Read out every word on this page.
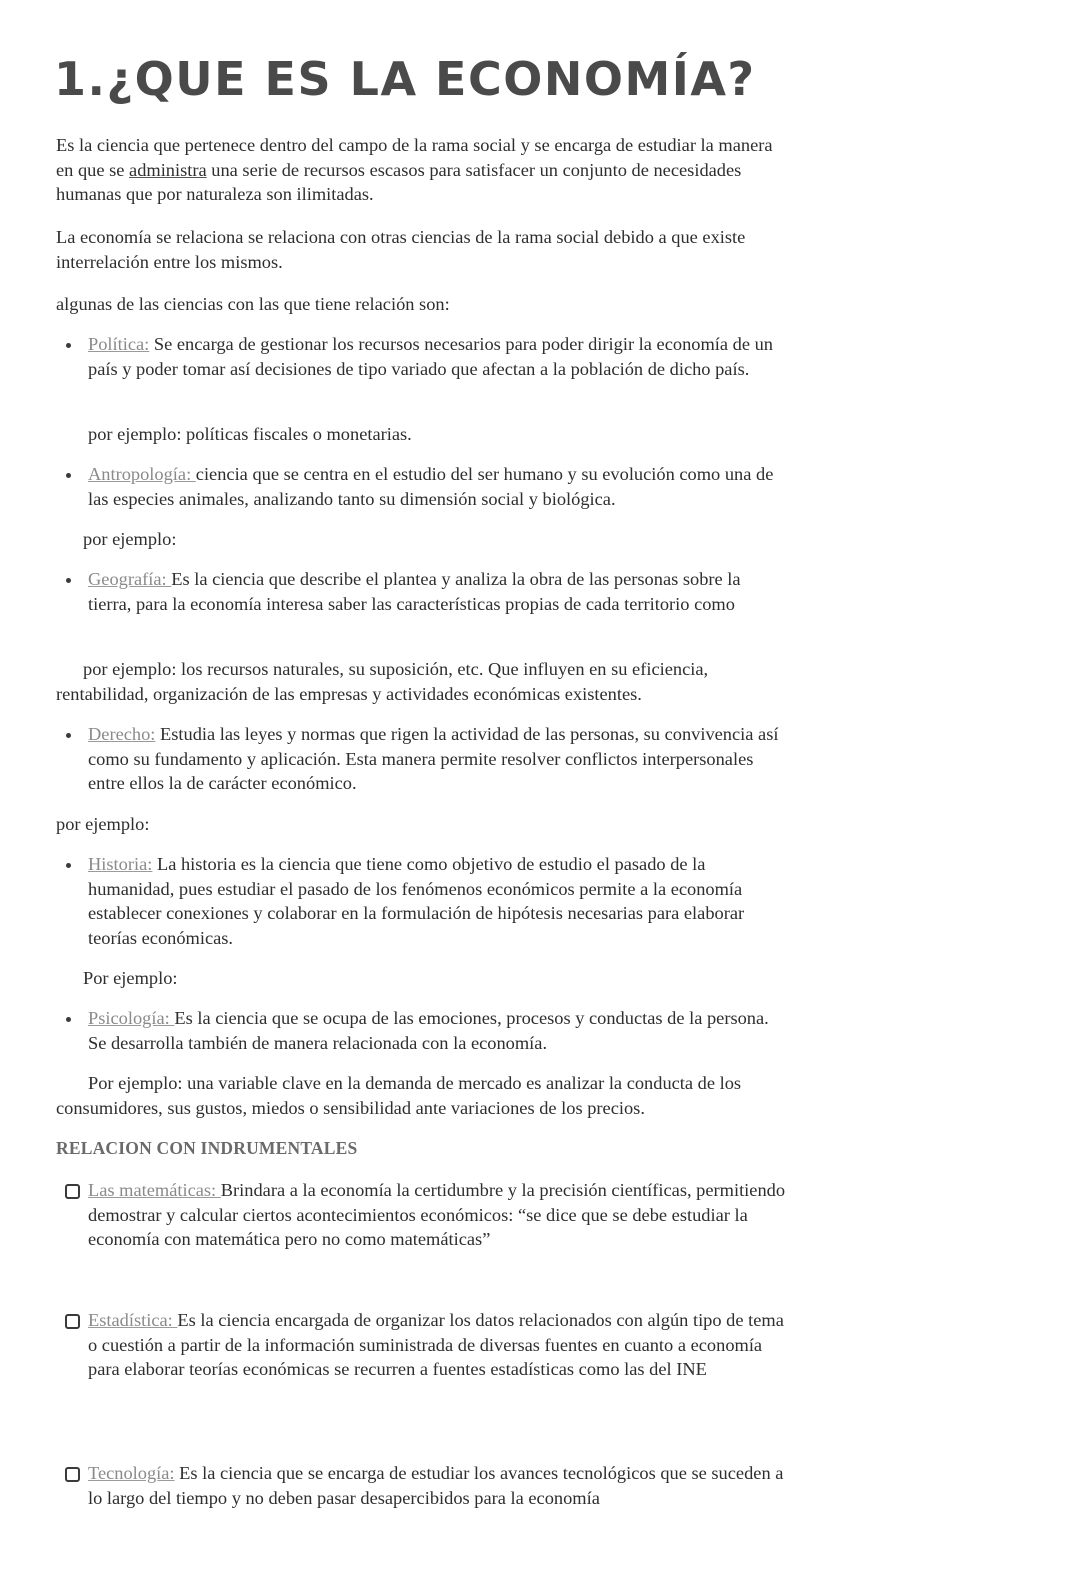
1.¿QUE ES LA ECONOMÍA?

Es la ciencia que pertenece dentro del campo de la rama social y se encarga de estudiar la manera en que se administra una serie de recursos escasos para satisfacer un conjunto de necesidades humanas que por naturaleza son ilimitadas.

La economía se relaciona se relaciona con otras ciencias de la rama social debido a que existe interrelación entre los mismos.

algunas de las ciencias con las que tiene relación son:

Política: Se encarga de gestionar los recursos necesarios para poder dirigir la economía de un país y poder tomar así decisiones de tipo variado que afectan a la población de dicho país.

por ejemplo: políticas fiscales o monetarias.

Antropología: ciencia que se centra en el estudio del ser humano y su evolución como una de las especies animales, analizando tanto su dimensión social y biológica.

por ejemplo:

Geografía: Es la ciencia que describe el plantea y analiza la obra de las personas sobre la tierra, para la economía interesa saber las características propias de cada territorio como

por ejemplo: los recursos naturales, su suposición, etc. Que influyen en su eficiencia, rentabilidad, organización de las empresas y actividades económicas existentes.

Derecho: Estudia las leyes y normas que rigen la actividad de las personas, su convivencia así como su fundamento y aplicación. Esta manera permite resolver conflictos interpersonales entre ellos la de carácter económico.

por ejemplo:

Historia: La historia es la ciencia que tiene como objetivo de estudio el pasado de la humanidad, pues estudiar el pasado de los fenómenos económicos permite a la economía establecer conexiones y colaborar en la formulación de hipótesis necesarias para elaborar teorías económicas.

Por ejemplo:

Psicología: Es la ciencia que se ocupa de las emociones, procesos y conductas de la persona. Se desarrolla también de manera relacionada con la economía.

Por ejemplo: una variable clave en la demanda de mercado es analizar la conducta de los consumidores, sus gustos, miedos o sensibilidad ante variaciones de los precios.

RELACION CON INDRUMENTALES

Las matemáticas: Brindara a la economía la certidumbre y la precisión científicas, permitiendo demostrar y calcular ciertos acontecimientos económicos: “se dice que se debe estudiar la economía con matemática pero no como matemáticas”

Estadística: Es la ciencia encargada de organizar los datos relacionados con algún tipo de tema o cuestión a partir de la información suministrada de diversas fuentes en cuanto a economía para elaborar teorías económicas se recurren a fuentes estadísticas como las del INE

Tecnología: Es la ciencia que se encarga de estudiar los avances tecnológicos que se suceden a lo largo del tiempo y no deben pasar desapercibidos para la economía
